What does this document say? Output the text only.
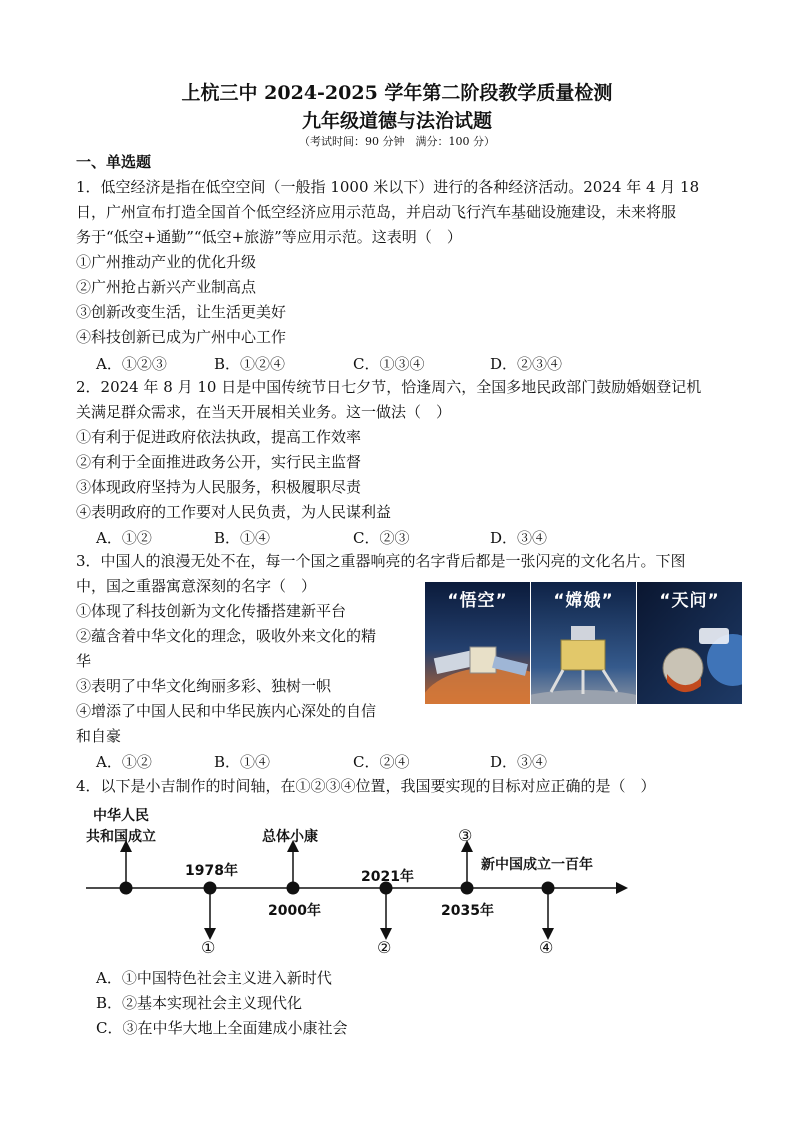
上杭三中 2024-2025 学年第二阶段教学质量检测
九年级道德与法治试题
（考试时间：90 分钟　满分：100 分）
一、单选题
1．低空经济是指在低空空间（一般指 1000 米以下）进行的各种经济活动。2024 年 4 月 18
日，广州宣布打造全国首个低空经济应用示范岛，并启动飞行汽车基础设施建设，未来将服
务于“低空+通勤”“低空+旅游”等应用示范。这表明（　）
①广州推动产业的优化升级
②广州抢占新兴产业制高点
③创新改变生活，让生活更美好
④科技创新已成为广州中心工作
A．①②③	B．①②④	C．①③④	D．②③④
2．2024 年 8 月 10 日是中国传统节日七夕节，恰逢周六，全国多地民政部门鼓励婚姻登记机
关满足群众需求，在当天开展相关业务。这一做法（　）
①有利于促进政府依法执政，提高工作效率
②有利于全面推进政务公开，实行民主监督
③体现政府坚持为人民服务，积极履职尽责
④表明政府的工作要对人民负责，为人民谋利益
A．①②	B．①④	C．②③	D．③④
3．中国人的浪漫无处不在，每一个国之重器响亮的名字背后都是一张闪亮的文化名片。下图
中，国之重器寓意深刻的名字（　）
①体现了科技创新为文化传播搭建新平台
②蕴含着中华文化的理念，吸收外来文化的精
华
③表明了中华文化绚丽多彩、独树一帜
④增添了中国人民和中华民族内心深处的自信
和自豪
“悟空”	“嫦娥”	“天问”
A．①②	B．①④	C．②④	D．③④
4．以下是小吉制作的时间轴，在①②③④位置，我国要实现的目标对应正确的是（　）
中华人民
共和国成立
1978年
总体小康
2000年
2021年
2035年
新中国成立一百年
①	②
③
④
A．①中国特色社会主义进入新时代
B．②基本实现社会主义现代化
C．③在中华大地上全面建成小康社会
